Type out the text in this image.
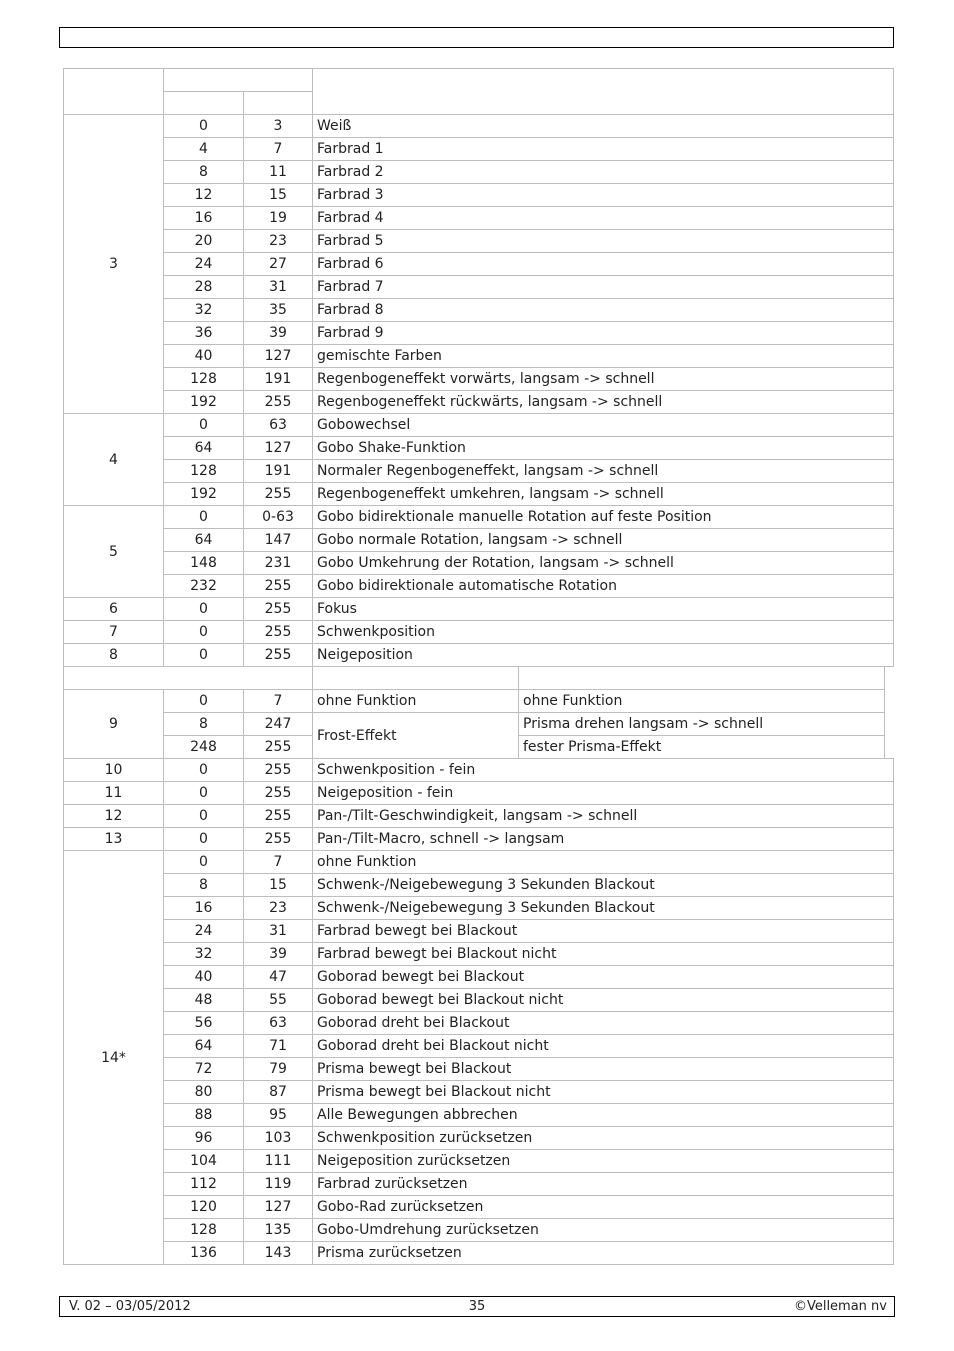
3	0	3	Weiß		
	4	7	Farbrad 1		
	8	11	Farbrad 2		
	12	15	Farbrad 3		
	16	19	Farbrad 4		
	20	23	Farbrad 5		
	24	27	Farbrad 6		
	28	31	Farbrad 7		
	32	35	Farbrad 8		
	36	39	Farbrad 9		
	40	127	gemischte Farben		
	128	191	Regenbogeneffekt vorwärts, langsam -> schnell		
	192	255	Regenbogeneffekt rückwärts, langsam -> schnell		
4	0	63	Gobowechsel		
	64	127	Gobo Shake-Funktion		
	128	191	Normaler Regenbogeneffekt, langsam -> schnell		
	192	255	Regenbogeneffekt umkehren, langsam -> schnell		
5	0	0-63	Gobo bidirektionale manuelle Rotation auf feste Position		
	64	147	Gobo normale Rotation, langsam -> schnell		
	148	231	Gobo Umkehrung der Rotation, langsam -> schnell		
	232	255	Gobo bidirektionale automatische Rotation		
6	0	255	Fokus		
7	0	255	Schwenkposition		
8	0	255	Neigeposition		

9	0	7	ohne Funktion	ohne Funktion	
	8	247	Frost-Effekt	Prisma drehen langsam -> schnell	
	248	255		fester Prisma-Effekt	
10	0	255	Schwenkposition - fein		
11	0	255	Neigeposition - fein		
12	0	255	Pan-/Tilt-Geschwindigkeit, langsam -> schnell		
13	0	255	Pan-/Tilt-Macro, schnell -> langsam		
14*	0	7	ohne Funktion		
	8	15	Schwenk-/Neigebewegung 3 Sekunden Blackout		
	16	23	Schwenk-/Neigebewegung 3 Sekunden Blackout		
	24	31	Farbrad bewegt bei Blackout		
	32	39	Farbrad bewegt bei Blackout nicht		
	40	47	Goborad bewegt bei Blackout		
	48	55	Goborad bewegt bei Blackout nicht		
	56	63	Goborad dreht bei Blackout		
	64	71	Goborad dreht bei Blackout nicht		
	72	79	Prisma bewegt bei Blackout		
	80	87	Prisma bewegt bei Blackout nicht		
	88	95	Alle Bewegungen abbrechen		
	96	103	Schwenkposition zurücksetzen		
	104	111	Neigeposition zurücksetzen		
	112	119	Farbrad zurücksetzen		
	120	127	Gobo-Rad zurücksetzen		
	128	135	Gobo-Umdrehung zurücksetzen		
	136	143	Prisma zurücksetzen		
V. 02 – 03/05/2012	35	©Velleman nv
